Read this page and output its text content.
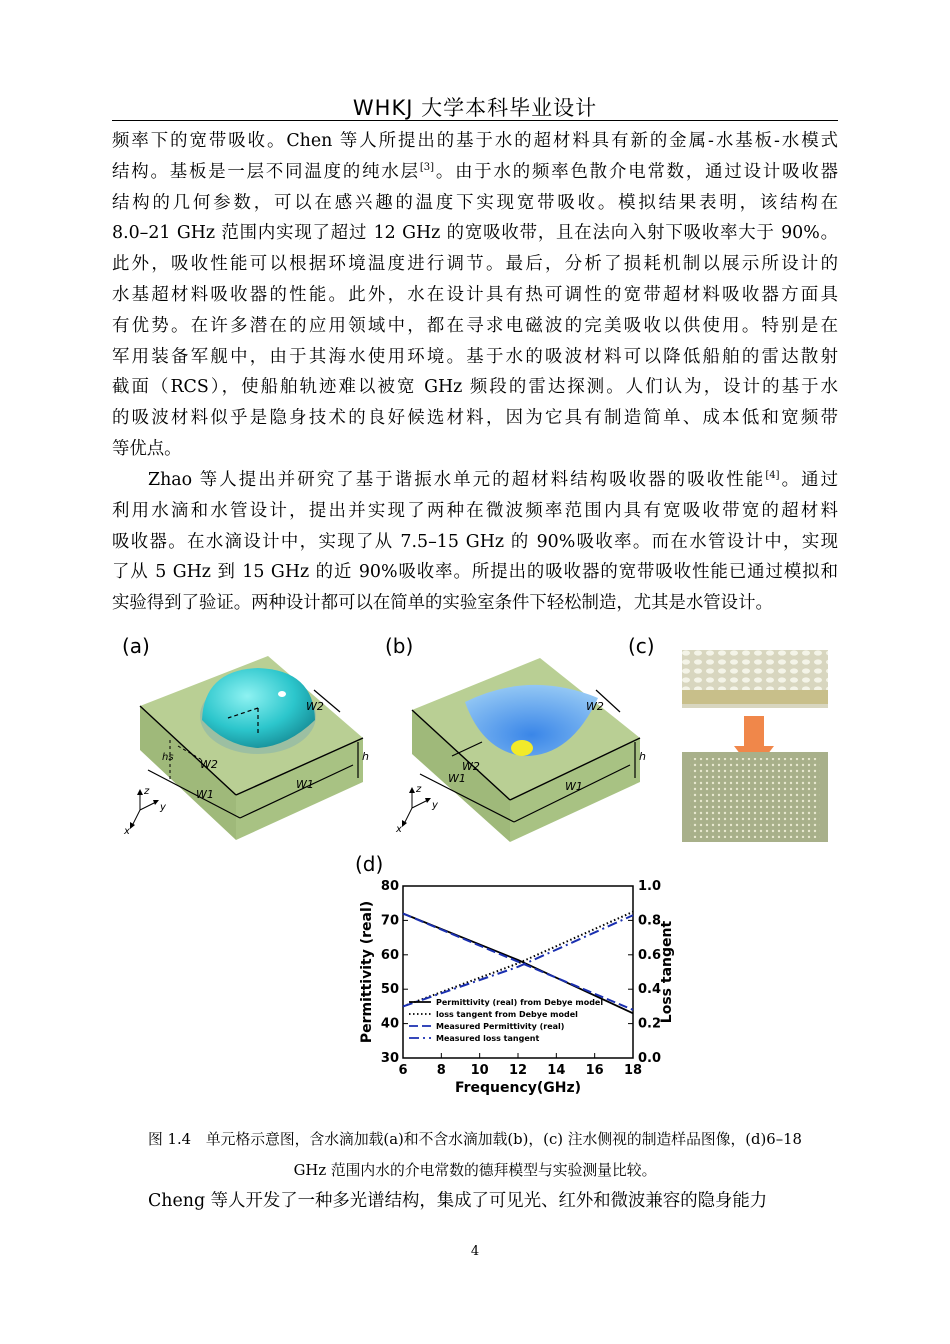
WHKJ 大学本科毕业设计
频率下的宽带吸收。Chen 等人所提出的基于水的超材料具有新的金属-水基板-水模式
结构。基板是一层不同温度的纯水层[3]。由于水的频率色散介电常数，通过设计吸收器
结构的几何参数，可以在感兴趣的温度下实现宽带吸收。模拟结果表明，该结构在
8.0–21 GHz 范围内实现了超过 12 GHz 的宽吸收带，且在法向入射下吸收率大于 90%。
此外，吸收性能可以根据环境温度进行调节。最后，分析了损耗机制以展示所设计的
水基超材料吸收器的性能。此外，水在设计具有热可调性的宽带超材料吸收器方面具
有优势。在许多潜在的应用领域中，都在寻求电磁波的完美吸收以供使用。特别是在
军用装备军舰中，由于其海水使用环境。基于水的吸波材料可以降低船舶的雷达散射
截面（RCS），使船舶轨迹难以被宽 GHz 频段的雷达探测。人们认为，设计的基于水
的吸波材料似乎是隐身技术的良好候选材料，因为它具有制造简单、成本低和宽频带
等优点。
Zhao 等人提出并研究了基于谐振水单元的超材料结构吸收器的吸收性能[4]。通过
利用水滴和水管设计，提出并实现了两种在微波频率范围内具有宽吸收带宽的超材料
吸收器。在水滴设计中，实现了从 7.5–15 GHz 的 90%吸收率。而在水管设计中，实现
了从 5 GHz 到 15 GHz 的近 90%吸收率。所提出的吸收器的宽带吸收性能已通过模拟和
实验得到了验证。两种设计都可以在简单的实验室条件下轻松制造，尤其是水管设计。
(a)	(b)	(c)
(d)
W2
h
W1
W2
W1
hs
z
y
x
W2
h
W1
W2
W1
z
y
x
6 8 10 12 14 16 18
30
40
50
60
70
80
0.0
0.2
0.4
0.6
0.8
1.0
Frequency(GHz)
Permittivity (real)	Loss tangent
Permittivity (real) from Debye model
loss tangent from Debye model
Measured Permittivity (real)
Measured loss tangent
图 1.4　单元格示意图，含水滴加载(a)和不含水滴加载(b)，(c) 注水侧视的制造样品图像，(d)6–18
GHz 范围内水的介电常数的德拜模型与实验测量比较。
Cheng 等人开发了一种多光谱结构，集成了可见光、红外和微波兼容的隐身能力
4
